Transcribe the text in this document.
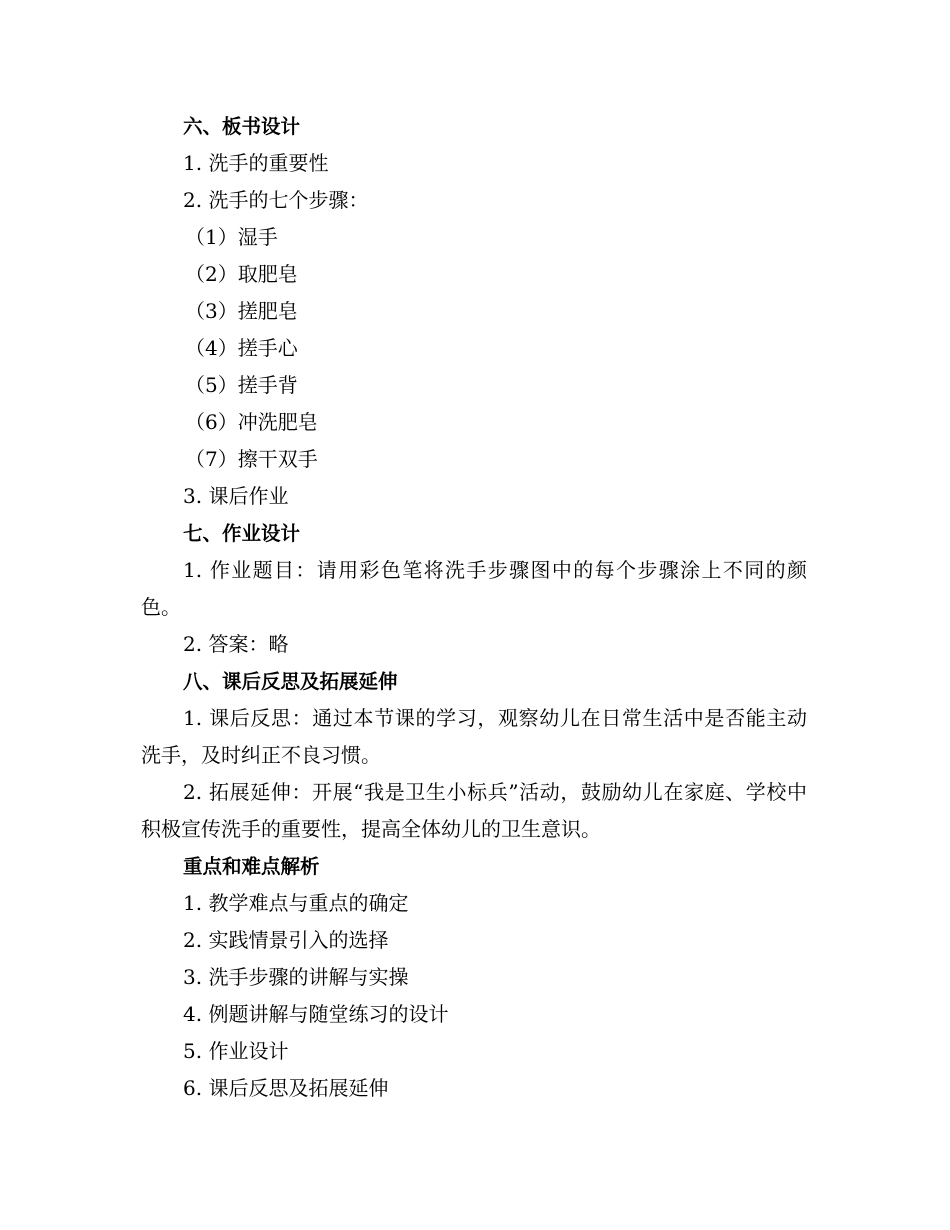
六、板书设计
1. 洗手的重要性
2. 洗手的七个步骤：
（1）湿手
（2）取肥皂
（3）搓肥皂
（4）搓手心
（5）搓手背
（6）冲洗肥皂
（7）擦干双手
3. 课后作业
七、作业设计
1. 作业题目：请用彩色笔将洗手步骤图中的每个步骤涂上不同的颜色。
2. 答案：略
八、课后反思及拓展延伸
1. 课后反思：通过本节课的学习，观察幼儿在日常生活中是否能主动洗手，及时纠正不良习惯。
2. 拓展延伸：开展“我是卫生小标兵”活动，鼓励幼儿在家庭、学校中积极宣传洗手的重要性，提高全体幼儿的卫生意识。
重点和难点解析
1. 教学难点与重点的确定
2. 实践情景引入的选择
3. 洗手步骤的讲解与实操
4. 例题讲解与随堂练习的设计
5. 作业设计
6. 课后反思及拓展延伸
